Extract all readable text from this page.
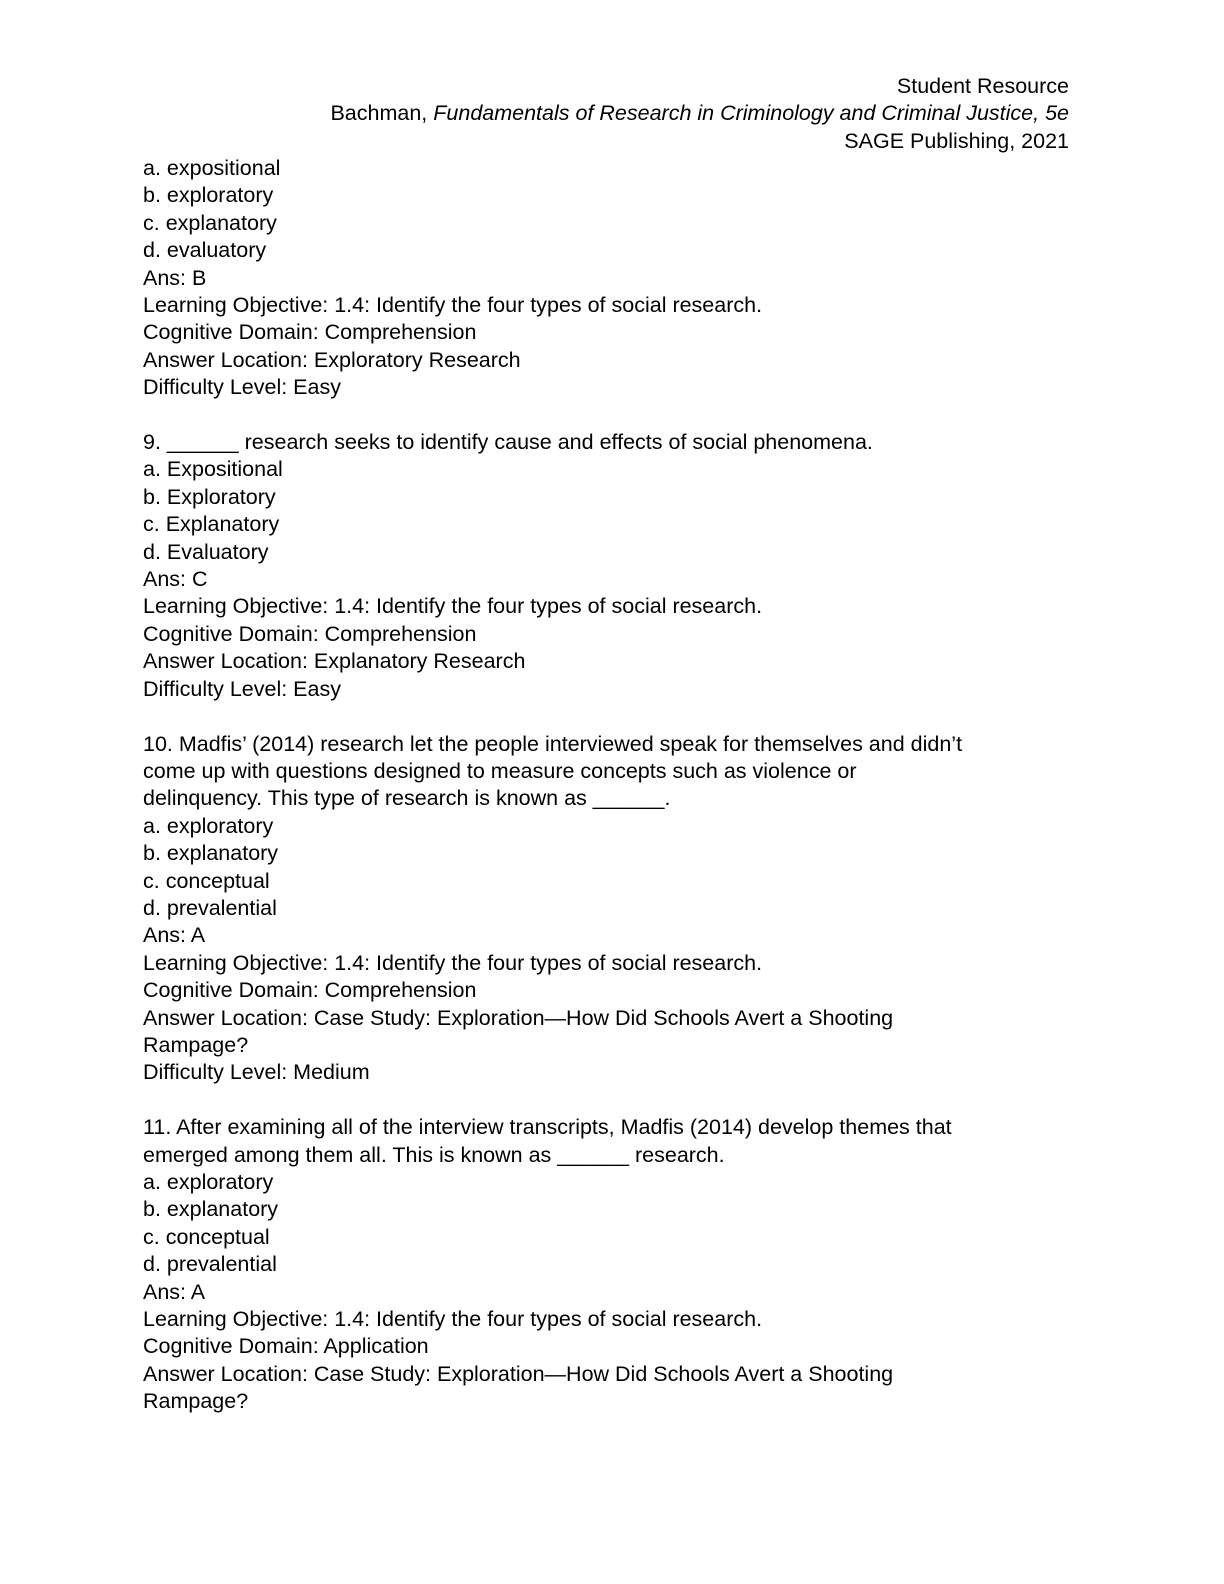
Student Resource
Bachman, Fundamentals of Research in Criminology and Criminal Justice, 5e
SAGE Publishing, 2021
a. expositional
b. exploratory
c. explanatory
d. evaluatory
Ans: B
Learning Objective: 1.4: Identify the four types of social research.
Cognitive Domain: Comprehension
Answer Location: Exploratory Research
Difficulty Level: Easy
9. ______ research seeks to identify cause and effects of social phenomena.
a. Expositional
b. Exploratory
c. Explanatory
d. Evaluatory
Ans: C
Learning Objective: 1.4: Identify the four types of social research.
Cognitive Domain: Comprehension
Answer Location: Explanatory Research
Difficulty Level: Easy
10. Madfis’ (2014) research let the people interviewed speak for themselves and didn’t
come up with questions designed to measure concepts such as violence or
delinquency. This type of research is known as ______.
a. exploratory
b. explanatory
c. conceptual
d. prevalential
Ans: A
Learning Objective: 1.4: Identify the four types of social research.
Cognitive Domain: Comprehension
Answer Location: Case Study: Exploration—How Did Schools Avert a Shooting
Rampage?
Difficulty Level: Medium
11. After examining all of the interview transcripts, Madfis (2014) develop themes that
emerged among them all. This is known as ______ research.
a. exploratory
b. explanatory
c. conceptual
d. prevalential
Ans: A
Learning Objective: 1.4: Identify the four types of social research.
Cognitive Domain: Application
Answer Location: Case Study: Exploration—How Did Schools Avert a Shooting
Rampage?
